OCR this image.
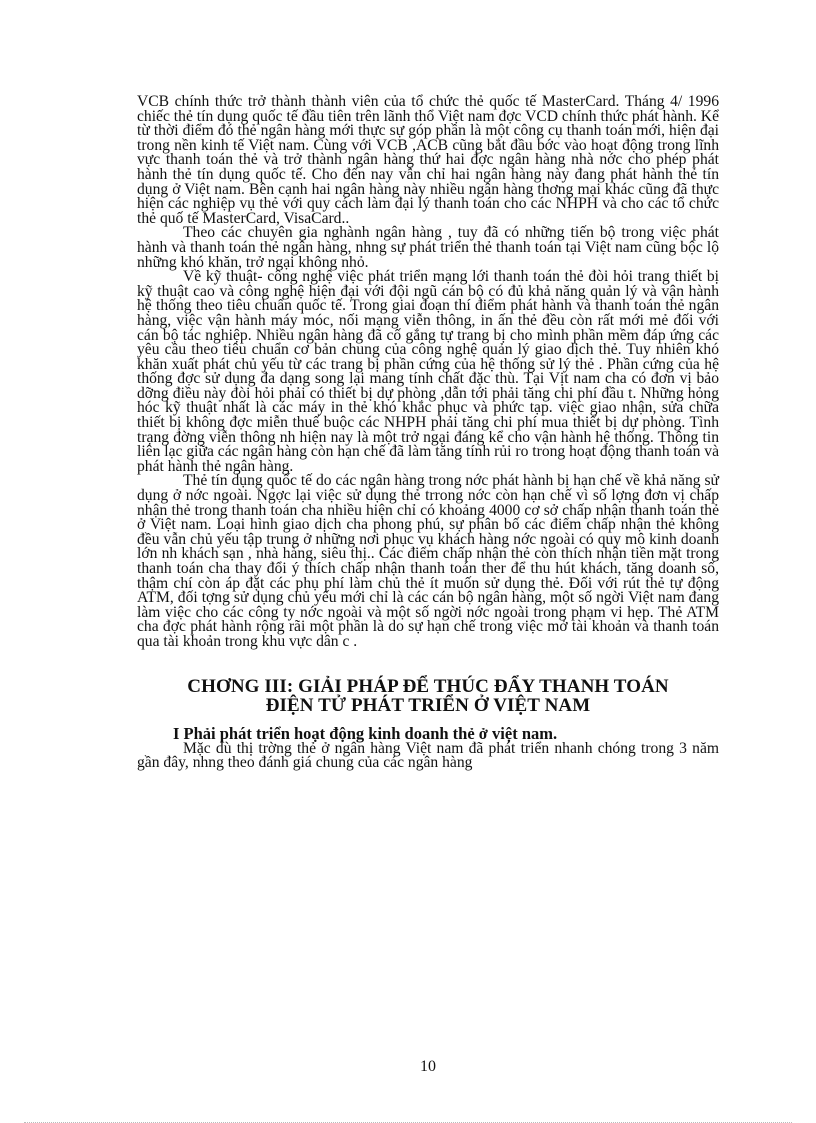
VCB chính thức trở thành thành viên của tổ chức thẻ quốc tế MasterCard. Tháng 4/ 1996 chiếc thẻ tín dụng quốc tế đầu tiên trên lãnh thổ Việt nam đợc VCD chính thức phát hành. Kể từ thời điểm đó thẻ ngân hàng mới thực sự góp phần là một công cụ thanh toán mới, hiện đại trong nền kinh tế Việt nam. Cùng với VCB ,ACB cũng bắt đầu bớc vào hoạt động trong lĩnh vực thanh toán thẻ và trở thành ngân hàng thứ hai đợc ngân hàng nhà nớc cho phép phát hành thẻ tín dụng quốc tế. Cho đến nay vẫn chỉ hai ngân hàng này đang phát hành thẻ tín dụng ở Việt nam. Bên cạnh hai ngân hàng này nhiều ngân hàng thơng mại khác cũng đã thực hiện các nghiệp vụ thẻ với quy cách làm đại lý thanh toán cho các NHPH và cho các tổ chức thẻ quố tế MasterCard, VisaCard..

Theo các chuyên gia nghành ngân hàng , tuy đã có những tiến bộ trong việc phát hành và thanh toán thẻ ngân hàng, nhng sự phát triển thẻ thanh toán tại Việt nam cũng bộc lộ những khó khăn, trở ngại không nhỏ.

Về kỹ thuật- công nghệ việc phát triển mạng lới thanh toán thẻ đòi hỏi trang thiết bị kỹ thuật cao và công nghệ hiện đại với đội ngũ cán bộ có đủ khả năng quản lý và vận hành hệ thống theo tiêu chuẩn quốc tế. Trong giai đoạn thí điểm phát hành và thanh toán thẻ ngân hàng, việc vận hành máy móc, nối mạng viễn thông, in ấn thẻ đều còn rất mới mẻ đối với cán bộ tác nghiệp. Nhiều ngân hàng đã cố gắng tự trang bị cho mình phần mềm đáp ứng các yêu cầu theo tiêu chuẩn cơ bản chung của công nghệ quản lý giao dịch thẻ. Tuy nhiên khó khăn xuất phát chủ yếu từ các trang bị phần cứng của hệ thống sử lý thẻ . Phần cứng của hệ thống đợc sử dụng đa dạng song lại mang tính chất đặc thù. Tại Vịt nam cha có đơn vị bảo dỡng điều này đòi hỏi phải có thiết bị dự phòng ,dẫn tới phải tăng chi phí đầu t. Những hỏng hóc kỹ thuật nhất là các máy in thẻ khó khắc phục và phức tạp. việc giao nhận, sửa chữa thiết bị không đợc miễn thuế buộc các NHPH phải tăng chi phí mua thiết bị dự phòng. Tình trạng đờng viễn thông nh hiện nay là một trở ngại đáng kể cho vận hành hệ thống. Thông tin liên lạc giữa các ngân hàng còn hạn chế đã làm tăng tính rủi ro trong hoạt động thanh toán và phát hành thẻ ngân hàng.

Thẻ tín dụng quốc tế do các ngân hàng trong nớc phát hành bị hạn chế về khả năng sử dụng ở nớc ngoài. Ngợc lại việc sử dụng thẻ trrong nớc còn hạn chế vì số lợng đơn vị chấp nhận thẻ trong thanh toán cha nhiều hiện chỉ có khoảng 4000 cơ sở chấp nhận thanh toán thẻ ở Việt nam. Loại hình giao dịch cha phong phú, sự phân bố các điểm chấp nhận thẻ không đều vẫn chủ yếu tập trung ở những nơi phục vụ khách hàng nớc ngoài có quy mô kinh doanh lớn nh khách sạn , nhà hàng, siêu thị.. Các điểm chấp nhận thẻ còn thích nhận tiền mặt trong thanh toán cha thay đổi ý thích chấp nhận thanh toán ther để thu hút khách, tăng doanh số, thậm chí còn áp đặt các phụ phí làm chủ thẻ ít muốn sử dụng thẻ. Đối với rút thẻ tự động ATM, đối tợng sử dụng chủ yếu mới chỉ là các cán bộ ngân hàng, một số ngời Việt nam đang làm việc cho các công ty nớc ngoài và một số ngời nớc ngoài trong phạm vi hẹp. Thẻ ATM cha đợc phát hành rộng rãi một phần là do sự hạn chế trong việc mở tài khoản và thanh toán qua tài khoản trong khu vực dân c .

CHƠNG III: GIẢI PHÁP ĐỂ THÚC ĐẨY THANH TOÁN
ĐIỆN TỬ PHÁT TRIỂN Ở VIỆT NAM

I Phải phát triển hoạt động kinh doanh thẻ ở việt nam.

Mặc dù thị trờng thẻ ở ngân hàng Việt nam đã phát triển nhanh chóng trong 3 năm gần đây, nhng theo đánh giá chung của các ngân hàng

10
